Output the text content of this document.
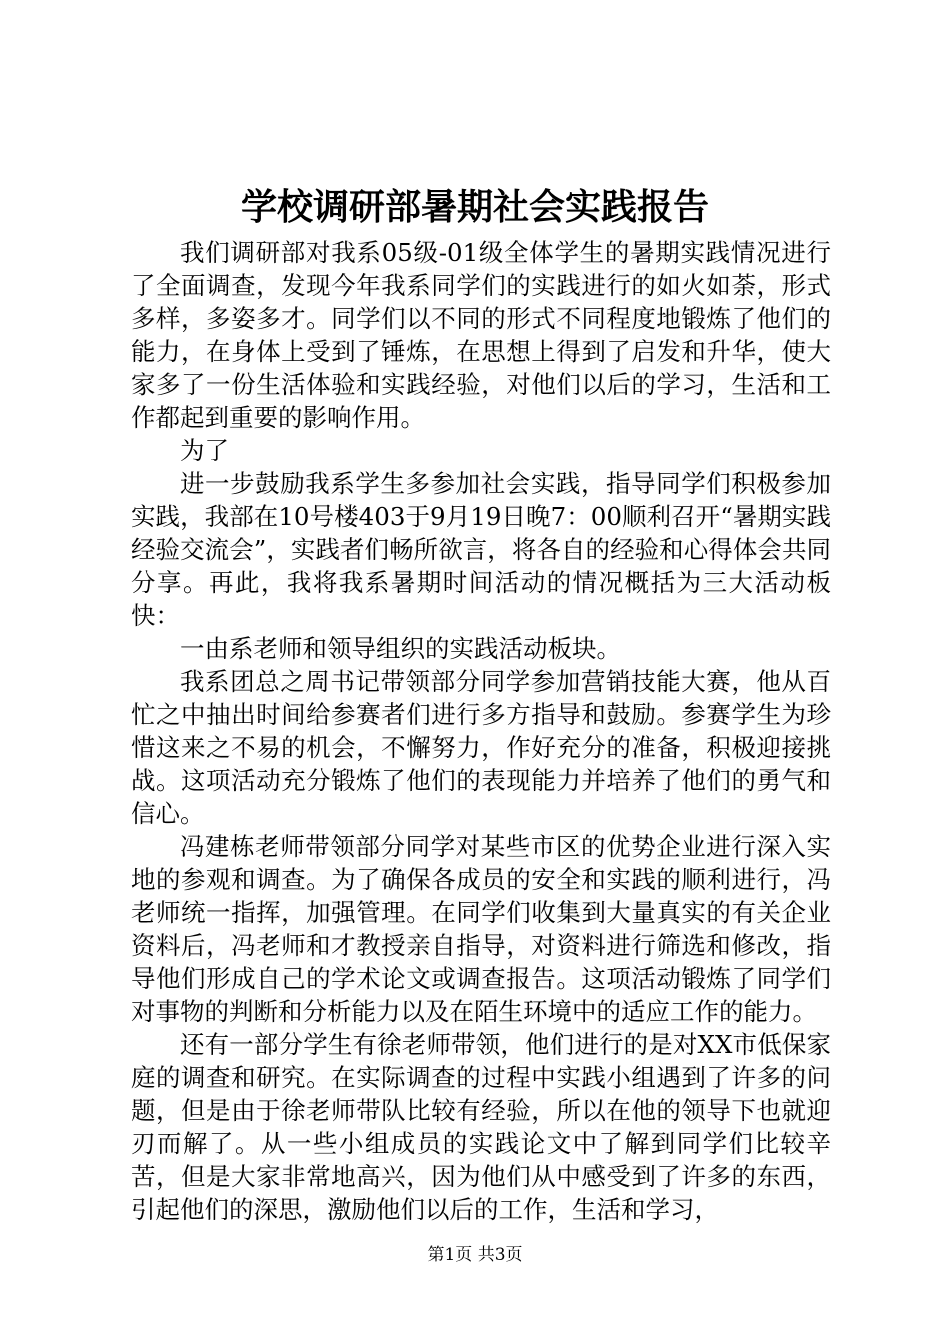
学校调研部暑期社会实践报告

我们调研部对我系05级-01级全体学生的暑期实践情况进行了全面调查，发现今年我系同学们的实践进行的如火如荼，形式多样，多姿多才。同学们以不同的形式不同程度地锻炼了他们的能力，在身体上受到了锤炼，在思想上得到了启发和升华，使大家多了一份生活体验和实践经验，对他们以后的学习，生活和工作都起到重要的影响作用。

为了

进一步鼓励我系学生多参加社会实践，指导同学们积极参加实践，我部在10号楼403于9月19日晚7：00顺利召开“暑期实践经验交流会”，实践者们畅所欲言，将各自的经验和心得体会共同分享。再此，我将我系暑期时间活动的情况概括为三大活动板快：

一由系老师和领导组织的实践活动板块。

我系团总之周书记带领部分同学参加营销技能大赛，他从百忙之中抽出时间给参赛者们进行多方指导和鼓励。参赛学生为珍惜这来之不易的机会，不懈努力，作好充分的准备，积极迎接挑战。这项活动充分锻炼了他们的表现能力并培养了他们的勇气和信心。

冯建栋老师带领部分同学对某些市区的优势企业进行深入实地的参观和调查。为了确保各成员的安全和实践的顺利进行，冯老师统一指挥，加强管理。在同学们收集到大量真实的有关企业资料后，冯老师和才教授亲自指导，对资料进行筛选和修改，指导他们形成自己的学术论文或调查报告。这项活动锻炼了同学们对事物的判断和分析能力以及在陌生环境中的适应工作的能力。

还有一部分学生有徐老师带领，他们进行的是对XX市低保家庭的调查和研究。在实际调查的过程中实践小组遇到了许多的问题，但是由于徐老师带队比较有经验，所以在他的领导下也就迎刃而解了。从一些小组成员的实践论文中了解到同学们比较辛苦，但是大家非常地高兴，因为他们从中感受到了许多的东西，引起他们的深思，激励他们以后的工作，生活和学习，

第1页 共3页
